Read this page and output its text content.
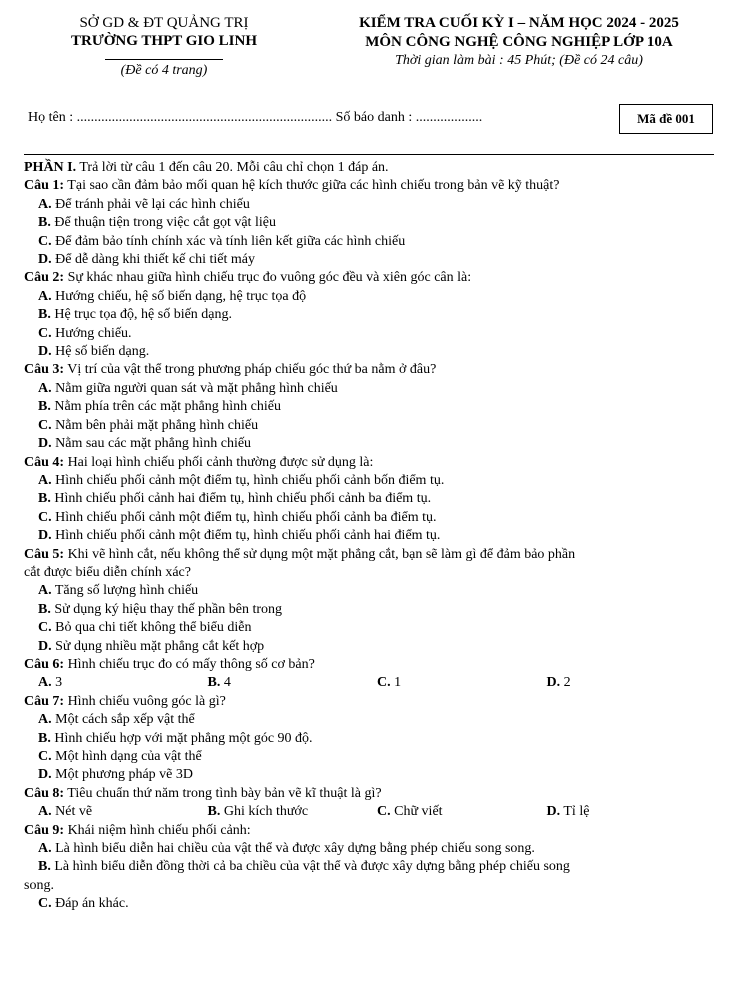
SỞ GD & ĐT QUẢNG TRỊ
TRƯỜNG THPT GIO LINH
(Đề có 4 trang)
KIỂM TRA CUỐI KỲ I – NĂM HỌC 2024 - 2025
MÔN CÔNG NGHỆ CÔNG NGHIỆP LỚP 10A
Thời gian làm bài : 45 Phút; (Đề có 24 câu)
Họ tên : ......................................................................... Số báo danh : ...................	Mã đề 001
PHẦN I. Trả lời từ câu 1 đến câu 20. Mỗi câu chỉ chọn 1 đáp án.
Câu 1: Tại sao cần đảm bảo mối quan hệ kích thước giữa các hình chiếu trong bản vẽ kỹ thuật?
A. Để tránh phải vẽ lại các hình chiếu
B. Để thuận tiện trong việc cắt gọt vật liệu
C. Để đảm bảo tính chính xác và tính liên kết giữa các hình chiếu
D. Để dễ dàng khi thiết kế chi tiết máy
Câu 2: Sự khác nhau giữa hình chiếu trục đo vuông góc đều và xiên góc cân là:
A. Hướng chiếu, hệ số biến dạng, hệ trục tọa độ
B. Hệ trục tọa độ, hệ số biến dạng.
C. Hướng chiếu.
D. Hệ số biến dạng.
Câu 3: Vị trí của vật thể trong phương pháp chiếu góc thứ ba nằm ở đâu?
A. Nằm giữa người quan sát và mặt phẳng hình chiếu
B. Nằm phía trên các mặt phẳng hình chiếu
C. Nằm bên phải mặt phẳng hình chiếu
D. Nằm sau các mặt phẳng hình chiếu
Câu 4: Hai loại hình chiếu phối cảnh thường được sử dụng là:
A. Hình chiếu phối cảnh một điểm tụ, hình chiếu phối cảnh bốn điểm tụ.
B. Hình chiếu phối cảnh hai điểm tụ, hình chiếu phối cảnh ba điểm tụ.
C. Hình chiếu phối cảnh một điểm tụ, hình chiếu phối cảnh ba điểm tụ.
D. Hình chiếu phối cảnh một điểm tụ, hình chiếu phối cảnh hai điểm tụ.
Câu 5: Khi vẽ hình cắt, nếu không thể sử dụng một mặt phẳng cắt, bạn sẽ làm gì để đảm bảo phần
cắt được biểu diễn chính xác?
A. Tăng số lượng hình chiếu
B. Sử dụng ký hiệu thay thế phần bên trong
C. Bỏ qua chi tiết không thể biểu diễn
D. Sử dụng nhiều mặt phẳng cắt kết hợp
Câu 6: Hình chiếu trục đo có mấy thông số cơ bản?
A. 3	B. 4	C. 1	D. 2
Câu 7: Hình chiếu vuông góc là gì?
A. Một cách sắp xếp vật thể
B. Hình chiếu hợp với mặt phẳng một góc 90 độ.
C. Một hình dạng của vật thể
D. Một phương pháp vẽ 3D
Câu 8: Tiêu chuẩn thứ năm trong tình bày bản vẽ kĩ thuật là gì?
A. Nét vẽ	B. Ghi kích thước	C. Chữ viết	D. Tỉ lệ
Câu 9: Khái niệm hình chiếu phối cảnh:
A. Là hình biểu diễn hai chiều của vật thể và được xây dựng bằng phép chiếu song song.
B. Là hình biểu diễn đồng thời cả ba chiều của vật thể và được xây dựng bằng phép chiếu song
song.
C. Đáp án khác.
